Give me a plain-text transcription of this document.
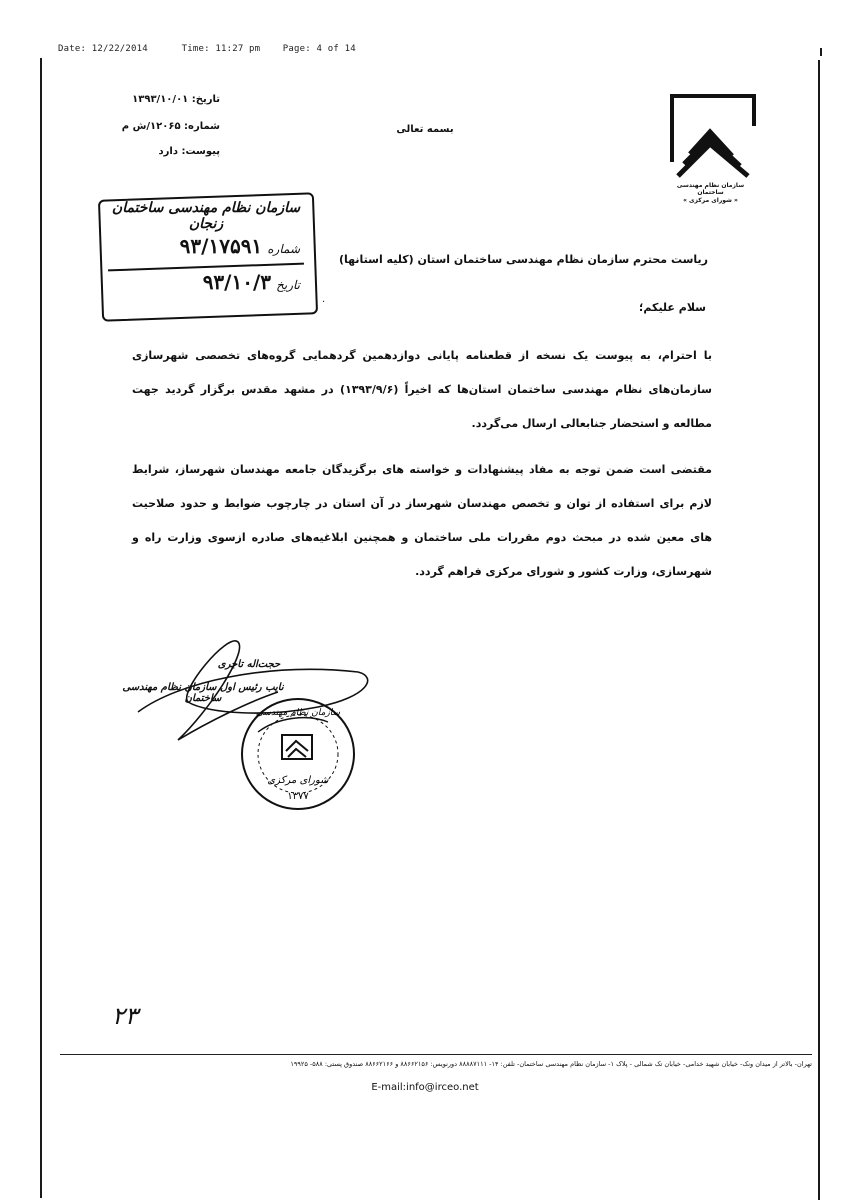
Date: 12/22/2014	Time: 11:27 pm Page: 4 of 14
تاریخ: ۱۳۹۳/۱۰/۰۱
شماره: ۱۲۰۶۵/ش م
پیوست: دارد
بسمه تعالی
سازمان نظام مهندسی ساختمان
« شورای مرکزی »
سازمان نظام مهندسی ساختمان زنجان
شماره ۹۳/۱۷۵۹۱
تاریخ ۹۳/۱۰/۳
ریاست محترم سازمان نظام مهندسی ساختمان استان (کلیه استانها)
سلام علیکم؛
با احترام، به پیوست یک نسخه از قطعنامه پایانی دوازدهمین گردهمایی گروه‌های تخصصی شهرسازی سازمان‌های نظام مهندسی ساختمان استان‌ها که اخیراً (۱۳۹۳/۹/۶) در مشهد مقدس برگزار گردید جهت مطالعه و استحضار جنابعالی ارسال می‌گردد.
مقتضی است ضمن توجه به مفاد پیشنهادات و خواسته های برگزیدگان جامعه مهندسان شهرساز، شرایط لازم برای استفاده از توان و تخصص مهندسان شهرساز در آن استان در چارچوب ضوابط و حدود صلاحیت های معین شده در مبحث دوم مقررات ملی ساختمان و همچنین ابلاغیه‌های صادره ازسوی وزارت راه و شهرسازی، وزارت کشور و شورای مرکزی فراهم گردد.
حجت‌اله تاجری
نایب رئیس اول سازمان نظام مهندسی ساختمان
سازمان نظام مهندسی
شورای مرکزی
۱۳۷۷
۲۳
تهران- بالاتر از میدان ونک- خیابان شهید خدامی- خیابان تک شمالی - پلاک ۱- سازمان نظام مهندسی ساختمان- تلفن: ۱۴- ۸۸۸۸۷۱۱۱ دورنویس: ۸۸۶۶۲۱۵۶ و ۸۸۶۶۲۱۶۶ صندوق پستی: ۵۸۸- ۱۹۹۲۵
E-mail:info@irceo.net
.
